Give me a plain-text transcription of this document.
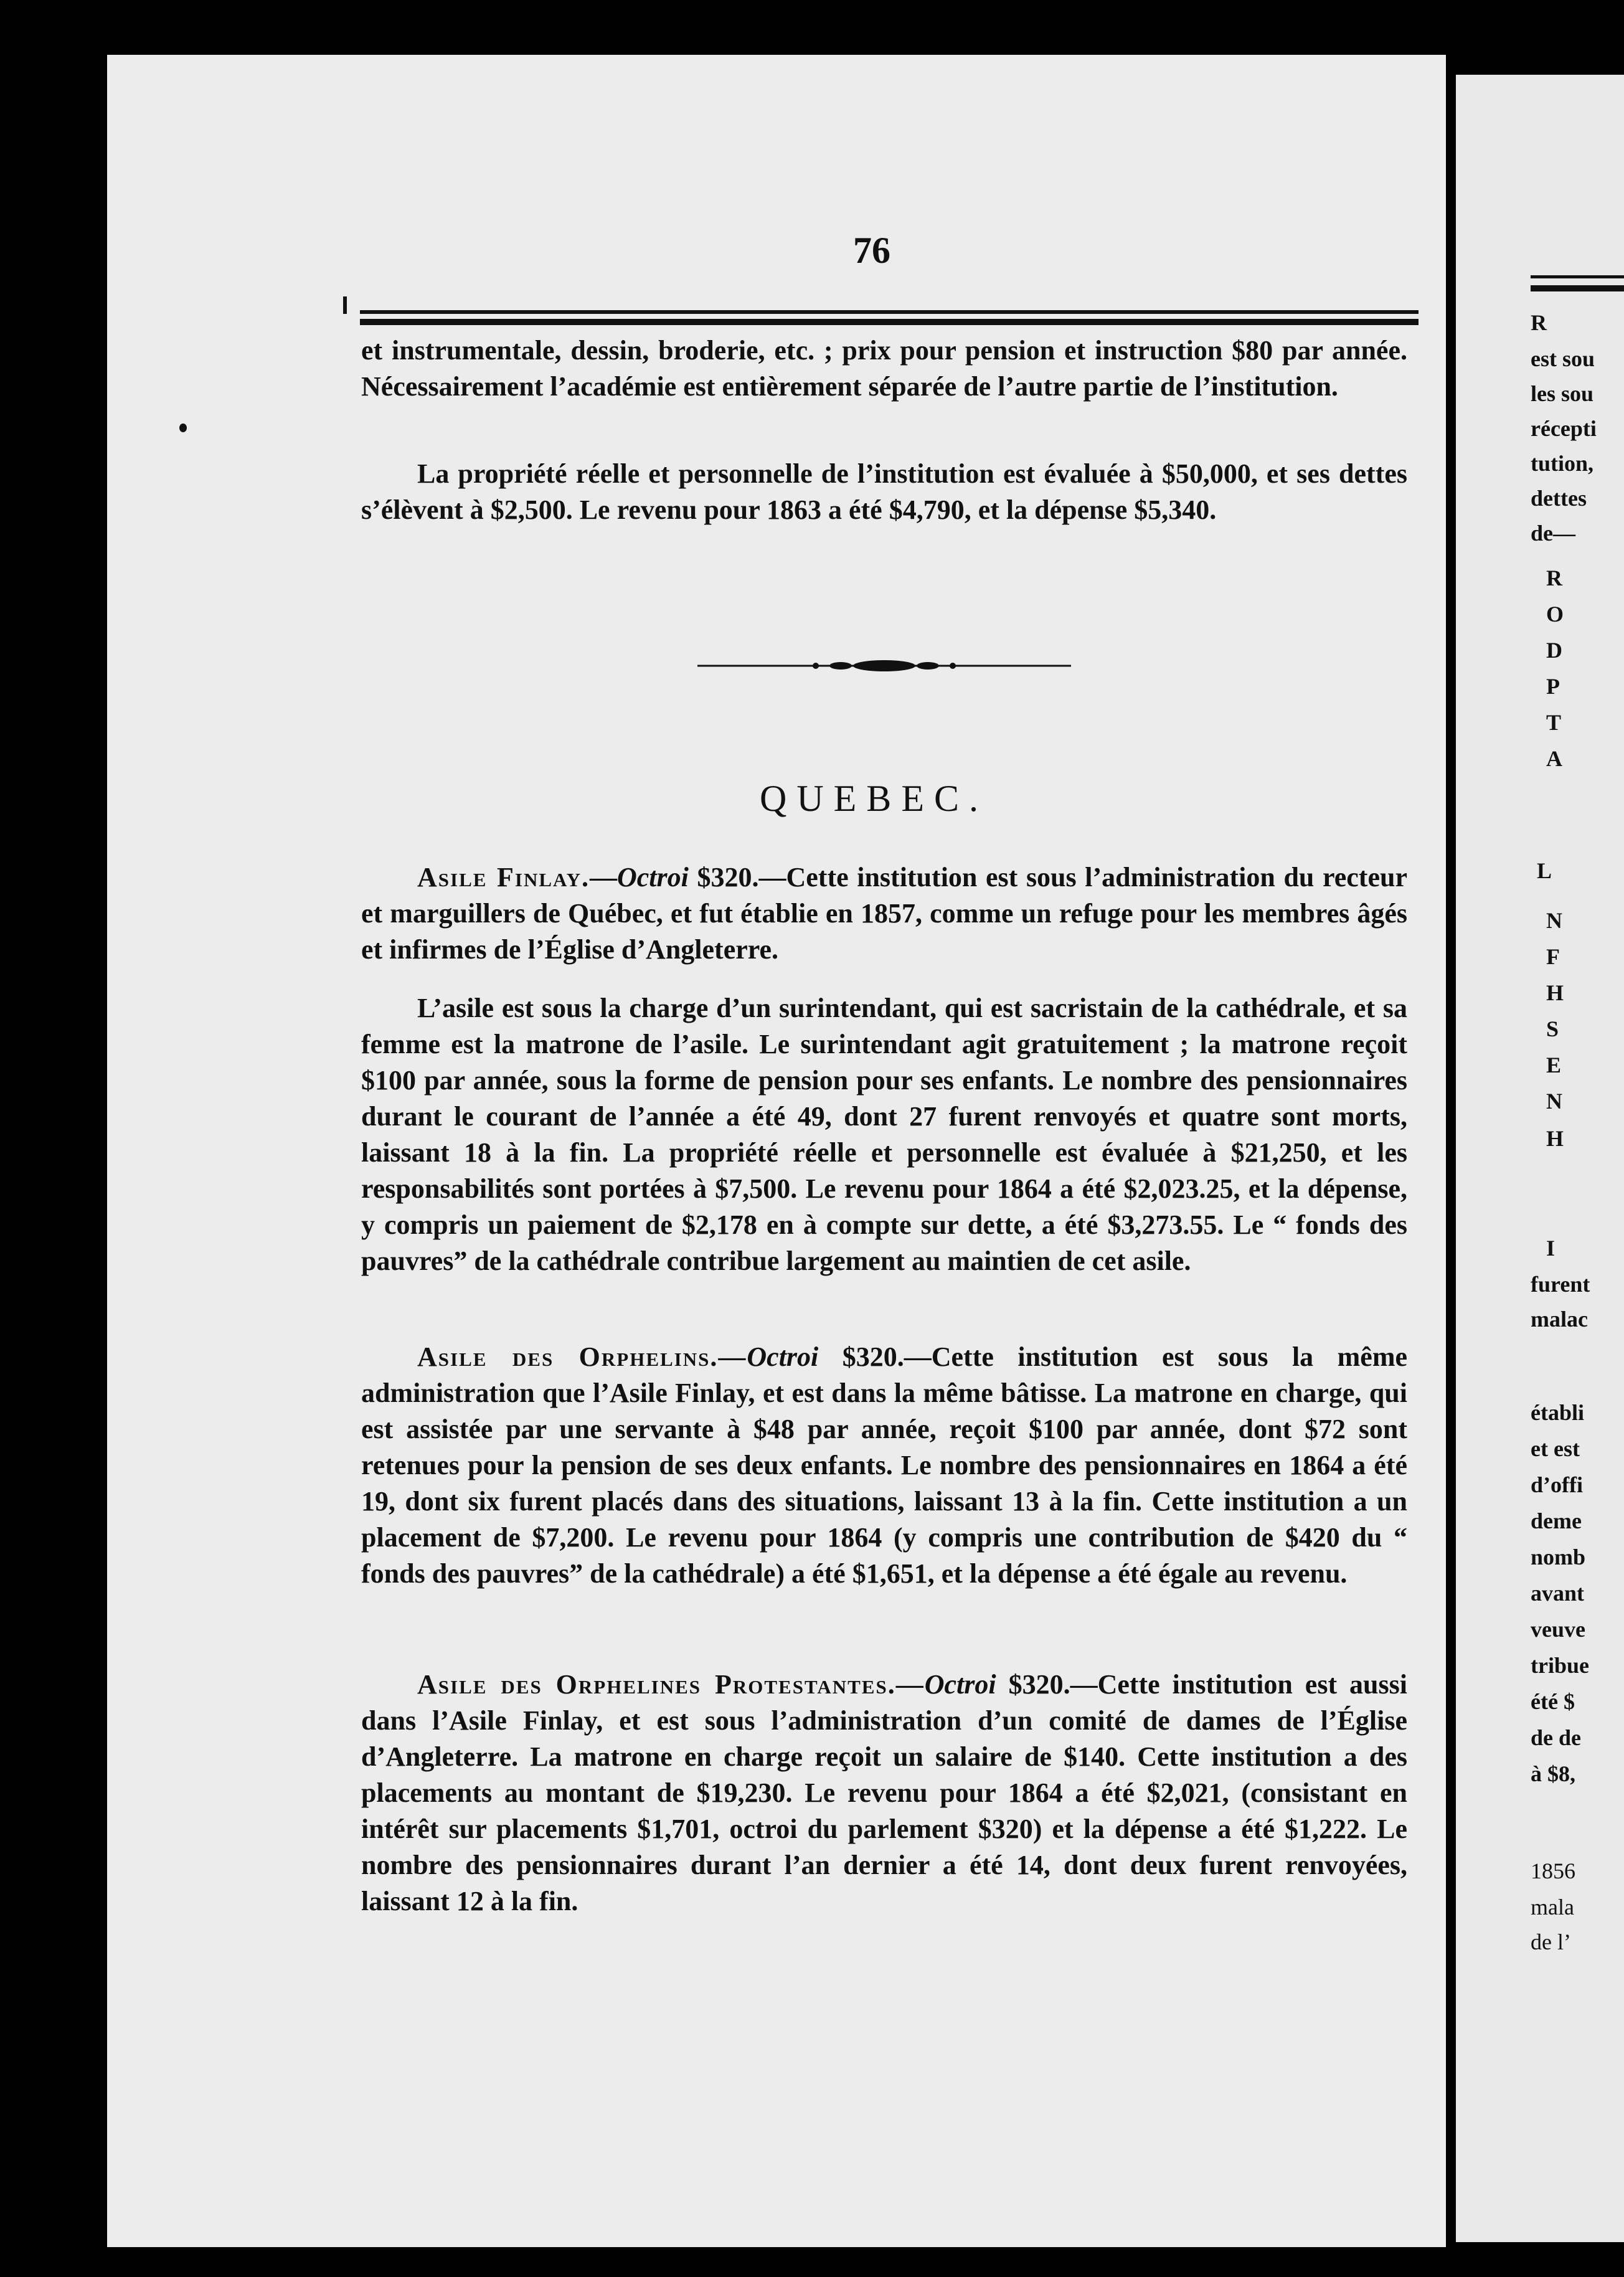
R

est sou

les sou

récepti

tution,

dettes

de—

R

O

D

P

T

A

L

N

F

H

S

E

N

H

I

furent

malac

établi

et est

d’offi

deme

nomb

avant

veuve

tribue

été $

de de

à $8,

1856

mala

de l’

76

et instrumentale, dessin, broderie, etc. ; prix pour pension et instruction $80 par année. Nécessairement l’académie est entièrement séparée de l’autre partie de l’institution.

La propriété réelle et personnelle de l’institution est évaluée à $50,000, et ses dettes s’élèvent à $2,500. Le revenu pour 1863 a été $4,790, et la dépense $5,340.

QUEBEC.

Asile Finlay.—Octroi $320.—Cette institution est sous l’administration du recteur et marguillers de Québec, et fut établie en 1857, comme un refuge pour les membres âgés et infirmes de l’Église d’Angleterre.

L’asile est sous la charge d’un surintendant, qui est sacristain de la cathédrale, et sa femme est la matrone de l’asile. Le surintendant agit gratuitement ; la matrone reçoit $100 par année, sous la forme de pension pour ses enfants. Le nombre des pensionnaires durant le courant de l’année a été 49, dont 27 furent renvoyés et quatre sont morts, laissant 18 à la fin. La propriété réelle et personnelle est évaluée à $21,250, et les responsabilités sont portées à $7,500. Le revenu pour 1864 a été $2,023.25, et la dépense, y compris un paiement de $2,178 en à compte sur dette, a été $3,273.55. Le “ fonds des pauvres” de la cathédrale contribue largement au maintien de cet asile.

Asile des Orphelins.—Octroi $320.—Cette institution est sous la même administration que l’Asile Finlay, et est dans la même bâtisse. La matrone en charge, qui est assistée par une servante à $48 par année, reçoit $100 par année, dont $72 sont retenues pour la pension de ses deux enfants. Le nombre des pensionnaires en 1864 a été 19, dont six furent placés dans des situations, laissant 13 à la fin. Cette institution a un placement de $7,200. Le revenu pour 1864 (y compris une contribution de $420 du “ fonds des pauvres” de la cathédrale) a été $1,651, et la dépense a été égale au revenu.

Asile des Orphelines Protestantes.—Octroi $320.—Cette institution est aussi dans l’Asile Finlay, et est sous l’administration d’un comité de dames de l’Église d’Angleterre. La matrone en charge reçoit un salaire de $140. Cette institution a des placements au montant de $19,230. Le revenu pour 1864 a été $2,021, (consistant en intérêt sur placements $1,701, octroi du parlement $320) et la dépense a été $1,222. Le nombre des pensionnaires durant l’an dernier a été 14, dont deux furent renvoyées, laissant 12 à la fin.
